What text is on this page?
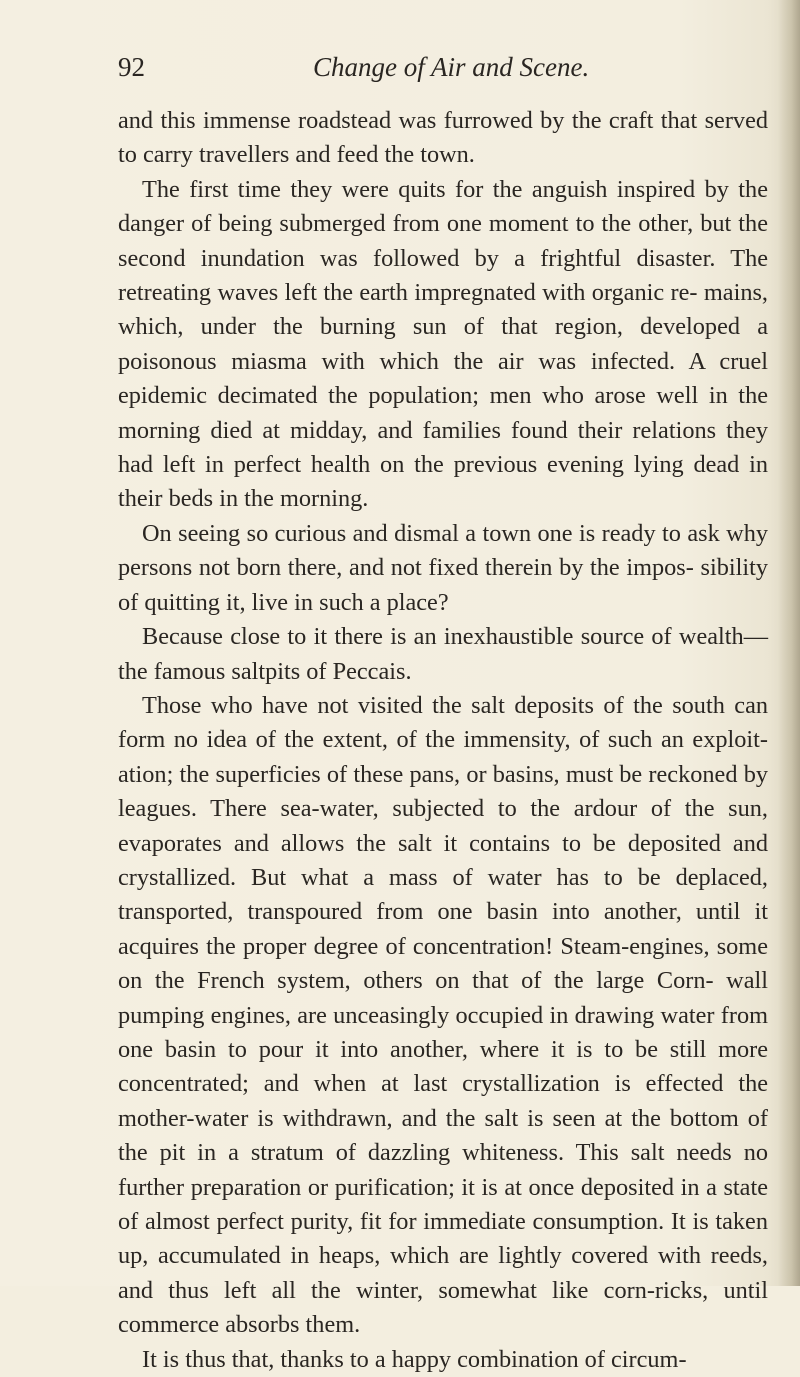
92	Change of Air and Scene.

and this immense roadstead was furrowed by the craft that served to carry travellers and feed the town.

The first time they were quits for the anguish inspired by the danger of being submerged from one moment to the other, but the second inundation was followed by a frightful disaster. The retreating waves left the earth impregnated with organic re- mains, which, under the burning sun of that region, developed a poisonous miasma with which the air was infected. A cruel epidemic decimated the population; men who arose well in the morning died at midday, and families found their relations they had left in perfect health on the previous evening lying dead in their beds in the morning.

On seeing so curious and dismal a town one is ready to ask why persons not born there, and not fixed therein by the impos- sibility of quitting it, live in such a place?

Because close to it there is an inexhaustible source of wealth—the famous saltpits of Peccais.

Those who have not visited the salt deposits of the south can form no idea of the extent, of the immensity, of such an exploit- ation; the superficies of these pans, or basins, must be reckoned by leagues. There sea-water, subjected to the ardour of the sun, evaporates and allows the salt it contains to be deposited and crystallized. But what a mass of water has to be deplaced, transported, transpoured from one basin into another, until it acquires the proper degree of concentration! Steam-engines, some on the French system, others on that of the large Corn- wall pumping engines, are unceasingly occupied in drawing water from one basin to pour it into another, where it is to be still more concentrated; and when at last crystallization is effected the mother-water is withdrawn, and the salt is seen at the bottom of the pit in a stratum of dazzling whiteness. This salt needs no further preparation or purification; it is at once deposited in a state of almost perfect purity, fit for immediate consumption. It is taken up, accumulated in heaps, which are lightly covered with reeds, and thus left all the winter, somewhat like corn-ricks, until commerce absorbs them.

It is thus that, thanks to a happy combination of circum-
